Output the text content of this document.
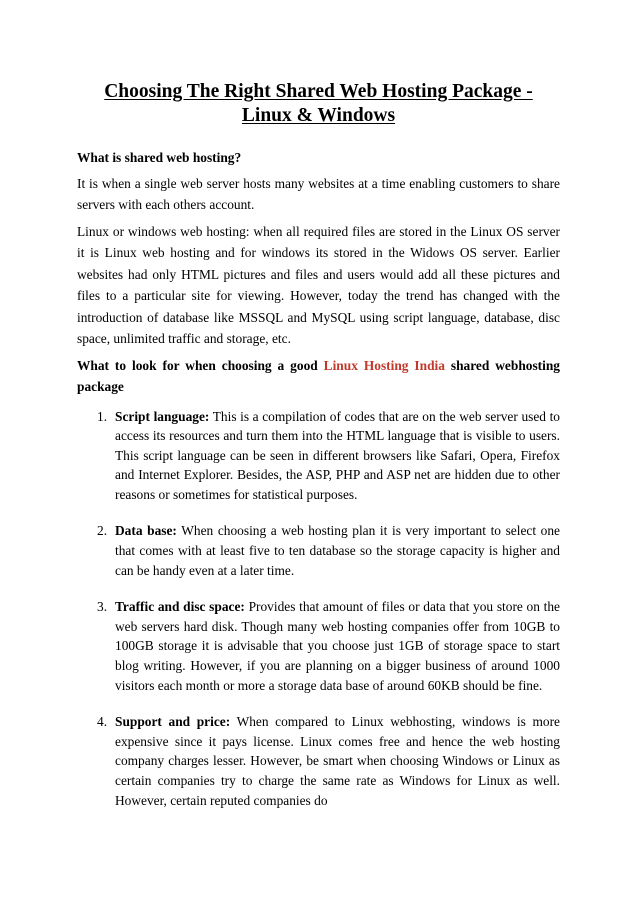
Choosing The Right Shared Web Hosting Package -
Linux & Windows

What is shared web hosting?

It is when a single web server hosts many websites at a time enabling customers to share servers with each others account.

Linux or windows web hosting: when all required files are stored in the Linux OS server it is Linux web hosting and for windows its stored in the Widows OS server. Earlier websites had only HTML pictures and files and users would add all these pictures and files to a particular site for viewing. However, today the trend has changed with the introduction of database like MSSQL and MySQL using script language, database, disc space, unlimited traffic and storage, etc.

What to look for when choosing a good Linux Hosting India shared webhosting package

1. Script language: This is a compilation of codes that are on the web server used to access its resources and turn them into the HTML language that is visible to users. This script language can be seen in different browsers like Safari, Opera, Firefox and Internet Explorer. Besides, the ASP, PHP and ASP net are hidden due to other reasons or sometimes for statistical purposes.
2. Data base: When choosing a web hosting plan it is very important to select one that comes with at least five to ten database so the storage capacity is higher and can be handy even at a later time.
3. Traffic and disc space: Provides that amount of files or data that you store on the web servers hard disk. Though many web hosting companies offer from 10GB to 100GB storage it is advisable that you choose just 1GB of storage space to start blog writing. However, if you are planning on a bigger business of around 1000 visitors each month or more a storage data base of around 60KB should be fine.
4. Support and price: When compared to Linux webhosting, windows is more expensive since it pays license. Linux comes free and hence the web hosting company charges lesser. However, be smart when choosing Windows or Linux as certain companies try to charge the same rate as Windows for Linux as well. However, certain reputed companies do
